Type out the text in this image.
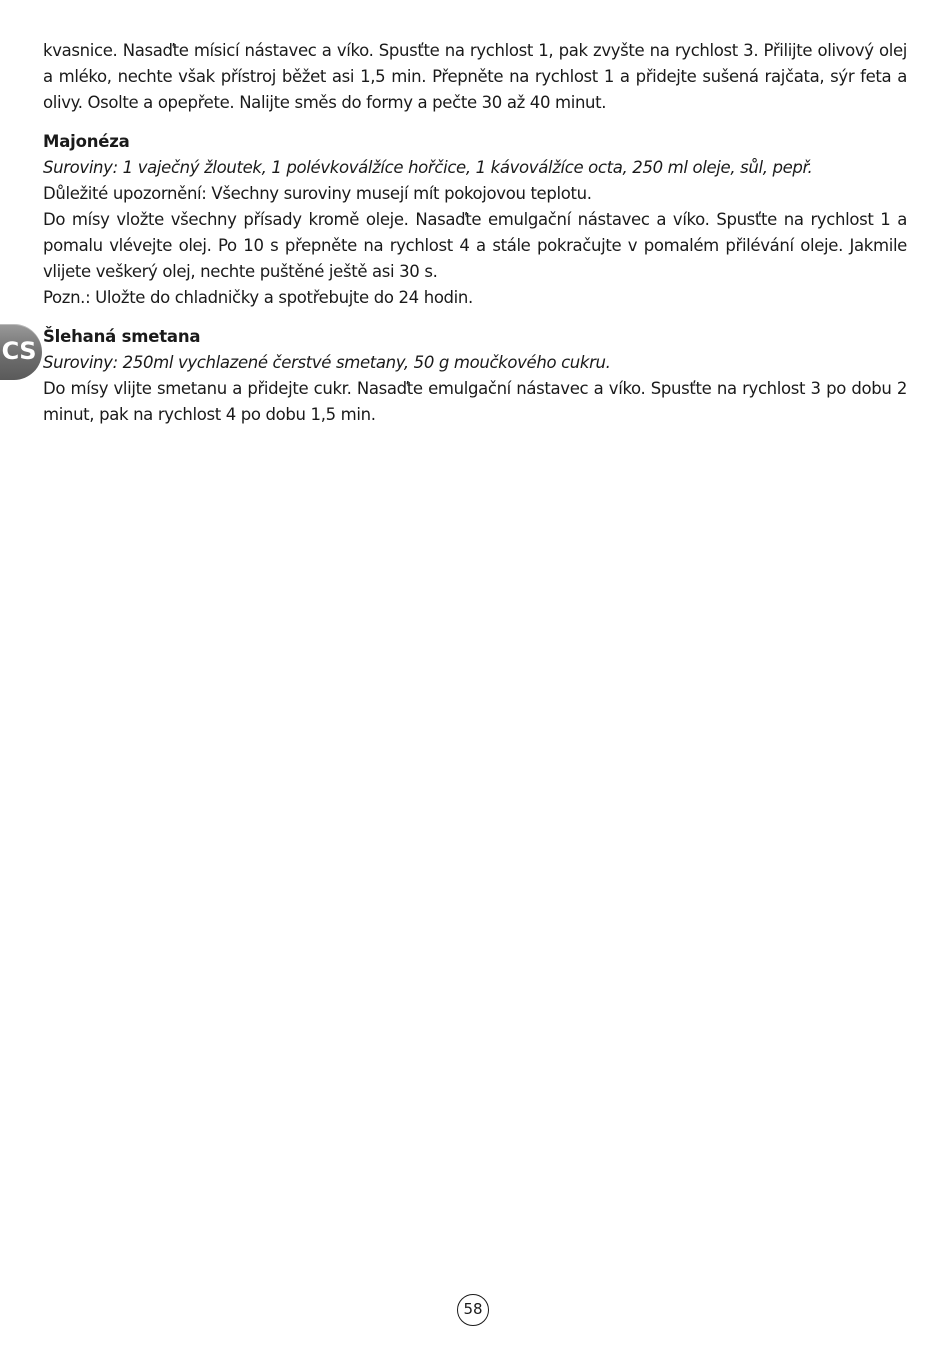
CS

kvasnice. Nasaďte mísicí nástavec a víko. Spusťte na rychlost 1, pak zvyšte na rychlost 3. Přilijte olivový olej a mléko, nechte však přístroj běžet asi 1,5 min. Přepněte na rychlost 1 a přidejte sušená rajčata, sýr feta a olivy. Osolte a opepřete. Nalijte směs do formy a pečte 30 až 40 minut.

Majonéza

Suroviny: 1 vaječný žloutek, 1 polévkoválžíce hořčice, 1 kávoválžíce octa, 250 ml oleje, sůl, pepř.

Důležité upozornění: Všechny suroviny musejí mít pokojovou teplotu.

Do mísy vložte všechny přísady kromě oleje. Nasaďte emulgační nástavec a víko. Spusťte na rychlost 1 a pomalu vlévejte olej. Po 10 s přepněte na rychlost 4 a stále pokračujte v pomalém přilévání oleje. Jakmile vlijete veškerý olej, nechte puštěné ještě asi 30 s.

Pozn.: Uložte do chladničky a spotřebujte do 24 hodin.

Šlehaná smetana

Suroviny: 250ml vychlazené čerstvé smetany, 50 g moučkového cukru.

Do mísy vlijte smetanu a přidejte cukr. Nasaďte emulgační nástavec a víko. Spusťte na rychlost 3 po dobu 2 minut, pak na rychlost 4 po dobu 1,5 min.

58
